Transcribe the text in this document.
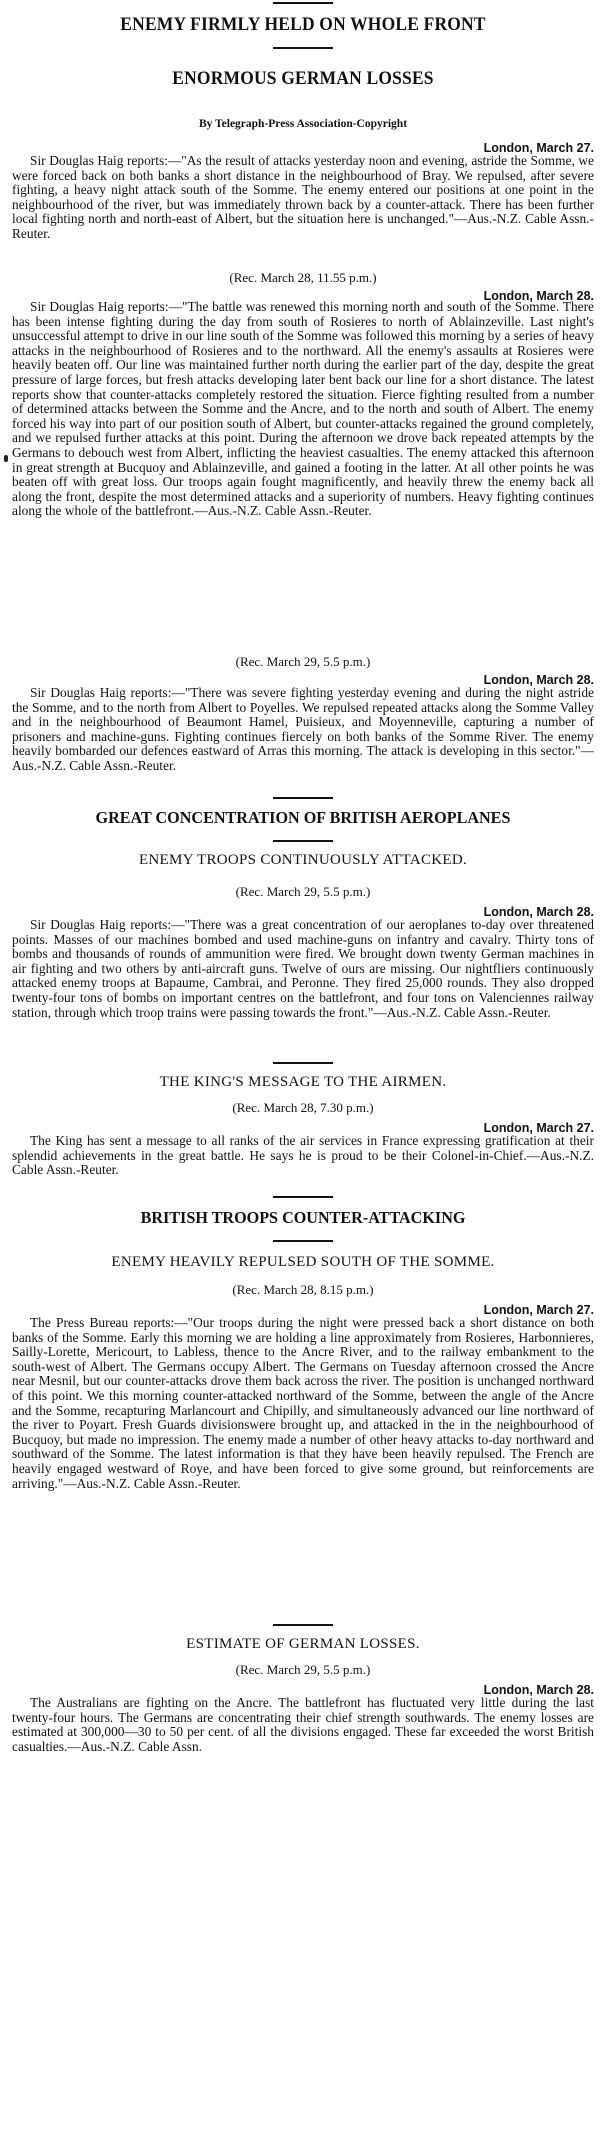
ENEMY FIRMLY HELD ON WHOLE FRONT
ENORMOUS GERMAN LOSSES
By Telegraph-Press Association-Copyright
London, March 27.
Sir Douglas Haig reports:—"As the result of attacks yesterday noon and evening, astride the Somme, we were forced back on both banks a short distance in the neighbourhood of Bray. We repulsed, after severe fighting, a heavy night attack south of the Somme. The enemy entered our positions at one point in the neighbourhood of the river, but was immediately thrown back by a counter-attack. There has been further local fighting north and north-east of Albert, but the situation here is unchanged."—Aus.-N.Z. Cable Assn.-Reuter.
(Rec. March 28, 11.55 p.m.)
London, March 28.
Sir Douglas Haig reports:—"The battle was renewed this morning north and south of the Somme. There has been intense fighting during the day from south of Rosieres to north of Ablainzeville. Last night's unsuccessful attempt to drive in our line south of the Somme was followed this morning by a series of heavy attacks in the neighbourhood of Rosieres and to the northward. All the enemy's assaults at Rosieres were heavily beaten off. Our line was maintained further north during the earlier part of the day, despite the great pressure of large forces, but fresh attacks developing later bent back our line for a short distance. The latest reports show that counter-attacks completely restored the situation. Fierce fighting resulted from a number of determined attacks between the Somme and the Ancre, and to the north and south of Albert. The enemy forced his way into part of our position south of Albert, but counter-attacks regained the ground completely, and we repulsed further attacks at this point. During the afternoon we drove back repeated attempts by the Germans to debouch west from Albert, inflicting the heaviest casualties. The enemy attacked this afternoon in great strength at Bucquoy and Ablainzeville, and gained a footing in the latter. At all other points he was beaten off with great loss. Our troops again fought magnificently, and heavily threw the enemy back all along the front, despite the most determined attacks and a superiority of numbers. Heavy fighting continues along the whole of the battlefront.—Aus.-N.Z. Cable Assn.-Reuter.
(Rec. March 29, 5.5 p.m.)
London, March 28.
Sir Douglas Haig reports:—"There was severe fighting yesterday evening and during the night astride the Somme, and to the north from Albert to Poyelles. We repulsed repeated attacks along the Somme Valley and in the neighbourhood of Beaumont Hamel, Puisieux, and Moyenneville, capturing a number of prisoners and machine-guns. Fighting continues fiercely on both banks of the Somme River. The enemy heavily bombarded our defences eastward of Arras this morning. The attack is developing in this sector."—Aus.-N.Z. Cable Assn.-Reuter.
GREAT CONCENTRATION OF BRITISH AEROPLANES
ENEMY TROOPS CONTINUOUSLY ATTACKED.
(Rec. March 29, 5.5 p.m.)
London, March 28.
Sir Douglas Haig reports:—"There was a great concentration of our aeroplanes to-day over threatened points. Masses of our machines bombed and used machine-guns on infantry and cavalry. Thirty tons of bombs and thousands of rounds of ammunition were fired. We brought down twenty German machines in air fighting and two others by anti-aircraft guns. Twelve of ours are missing. Our nightfliers continuously attacked enemy troops at Bapaume, Cambrai, and Peronne. They fired 25,000 rounds. They also dropped twenty-four tons of bombs on important centres on the battlefront, and four tons on Valenciennes railway station, through which troop trains were passing towards the front."—Aus.-N.Z. Cable Assn.-Reuter.
THE KING'S MESSAGE TO THE AIRMEN.
(Rec. March 28, 7.30 p.m.)
London, March 27.
The King has sent a message to all ranks of the air services in France expressing gratification at their splendid achievements in the great battle. He says he is proud to be their Colonel-in-Chief.—Aus.-N.Z. Cable Assn.-Reuter.
BRITISH TROOPS COUNTER-ATTACKING
ENEMY HEAVILY REPULSED SOUTH OF THE SOMME.
(Rec. March 28, 8.15 p.m.)
London, March 27.
The Press Bureau reports:—"Our troops during the night were pressed back a short distance on both banks of the Somme. Early this morning we are holding a line approximately from Rosieres, Harbonnieres, Sailly-Lorette, Mericourt, to Labless, thence to the Ancre River, and to the railway embankment to the south-west of Albert. The Germans occupy Albert. The Germans on Tuesday afternoon crossed the Ancre near Mesnil, but our counter-attacks drove them back across the river. The position is unchanged northward of this point. We this morning counter-attacked northward of the Somme, between the angle of the Ancre and the Somme, recapturing Marlancourt and Chipilly, and simultaneously advanced our line northward of the river to Poyart. Fresh Guards divisionswere brought up, and attacked in the in the neighbourhood of Bucquoy, but made no impression. The enemy made a number of other heavy attacks to-day northward and southward of the Somme. The latest information is that they have been heavily repulsed. The French are heavily engaged westward of Roye, and have been forced to give some ground, but reinforcements are arriving."—Aus.-N.Z. Cable Assn.-Reuter.
ESTIMATE OF GERMAN LOSSES.
(Rec. March 29, 5.5 p.m.)
London, March 28.
The Australians are fighting on the Ancre. The battlefront has fluctuated very little during the last twenty-four hours. The Germans are concentrating their chief strength southwards. The enemy losses are estimated at 300,000—30 to 50 per cent. of all the divisions engaged. These far exceeded the worst British casualties.—Aus.-N.Z. Cable Assn.
